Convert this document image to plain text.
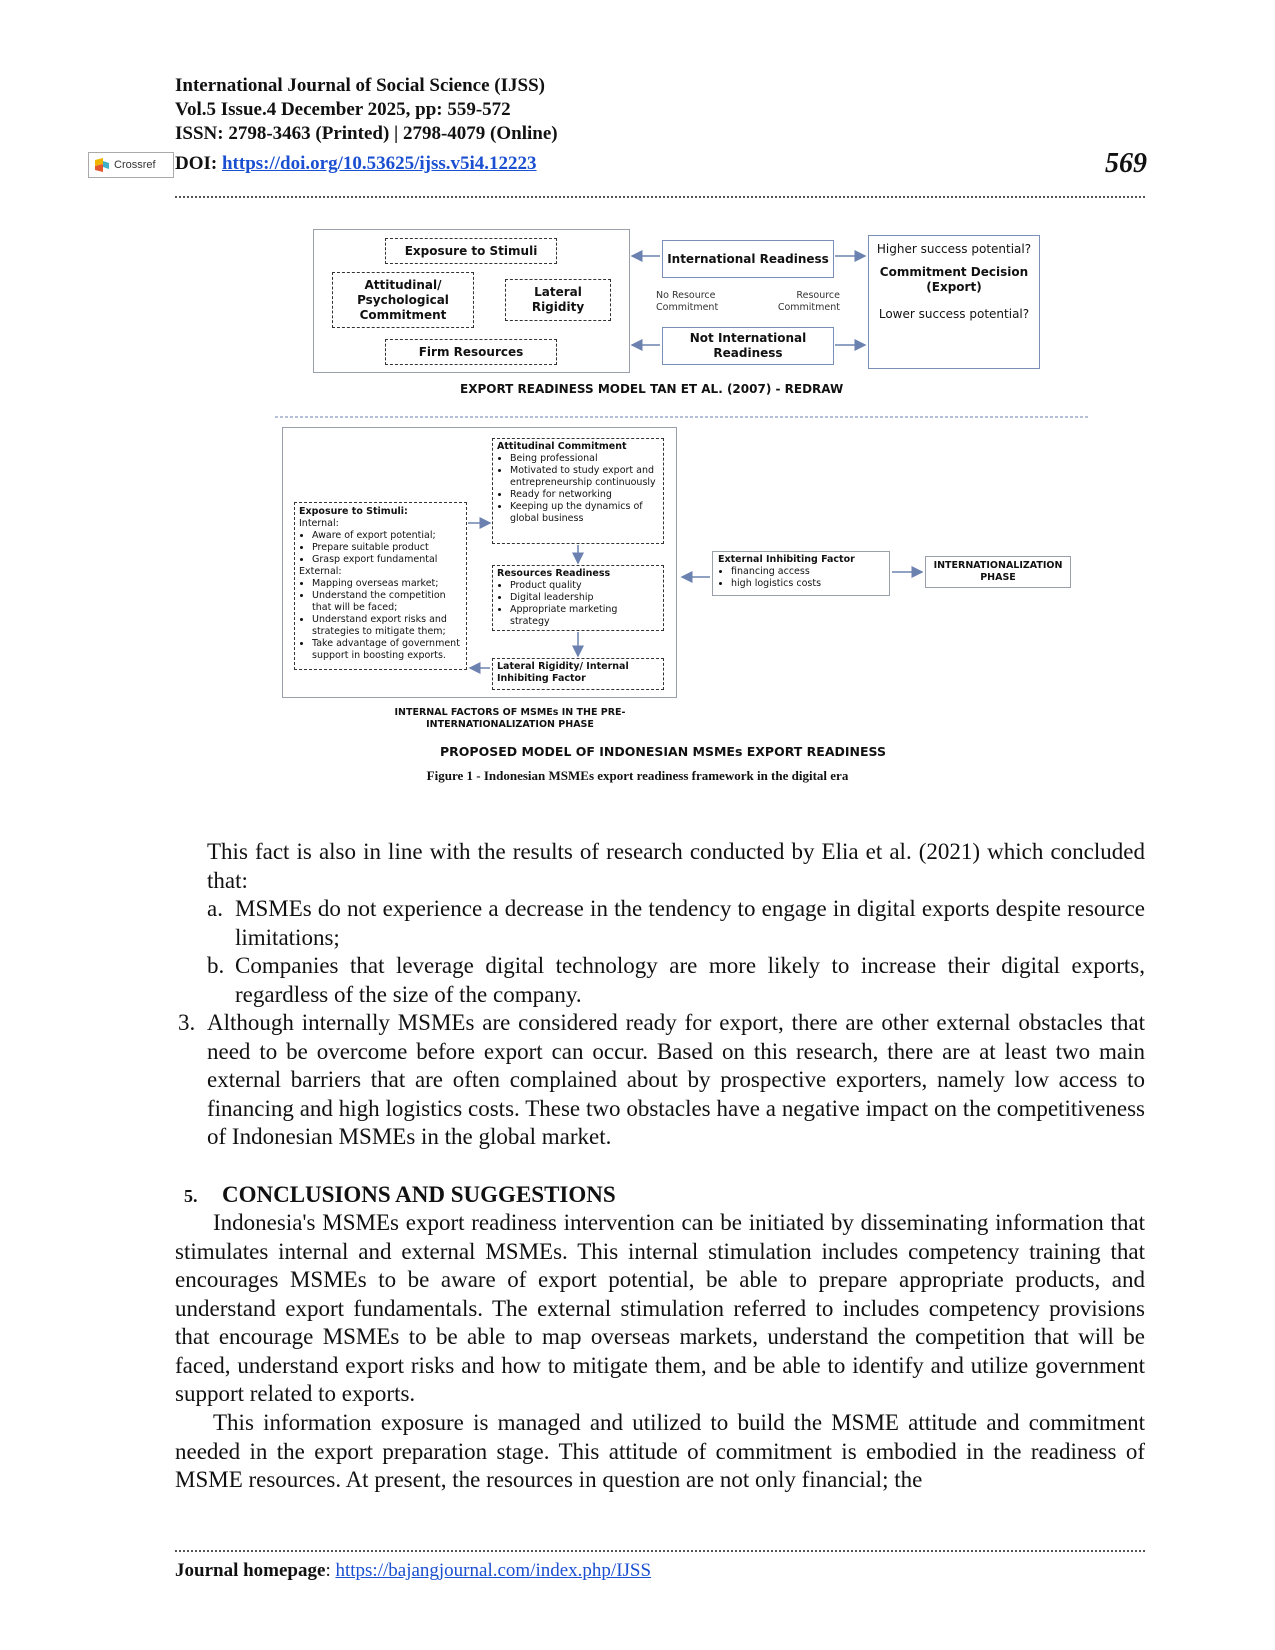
International Journal of Social Science (IJSS)
Vol.5 Issue.4 December 2025, pp: 559-572
ISSN: 2798-3463 (Printed) | 2798-4079 (Online)
Crossref DOI: https://doi.org/10.53625/ijss.v5i4.12223	569
Exposure to Stimuli
Attitudinal/ Psychological Commitment
Lateral Rigidity
Firm Resources
International Readiness
No Resource Commitment
Resource Commitment
Not International Readiness
Higher success potential?
Commitment Decision (Export)
Lower success potential?
EXPORT READINESS MODEL TAN ET AL. (2007) - REDRAW
Exposure to Stimuli:
Internal:
• Aware of export potential;
• Prepare suitable product
• Grasp export fundamental
External:
• Mapping overseas market;
• Understand the competition that will be faced;
• Understand export risks and strategies to mitigate them;
• Take advantage of government support in boosting exports.
Attitudinal Commitment
• Being professional
• Motivated to study export and entrepreneurship continuously
• Ready for networking
• Keeping up the dynamics of global business
Resources Readiness
• Product quality
• Digital leadership
• Appropriate marketing strategy
Lateral Rigidity/ Internal Inhibiting Factor
External Inhibiting Factor
• financing access
• high logistics costs
INTERNATIONALIZATION PHASE
INTERNAL FACTORS OF MSMEs IN THE PRE-INTERNATIONALIZATION PHASE
PROPOSED MODEL OF INDONESIAN MSMEs EXPORT READINESS
Figure 1 - Indonesian MSMEs export readiness framework in the digital era
This fact is also in line with the results of research conducted by Elia et al. (2021) which concluded that:
a. MSMEs do not experience a decrease in the tendency to engage in digital exports despite resource limitations;
b. Companies that leverage digital technology are more likely to increase their digital exports, regardless of the size of the company.
3. Although internally MSMEs are considered ready for export, there are other external obstacles that need to be overcome before export can occur. Based on this research, there are at least two main external barriers that are often complained about by prospective exporters, namely low access to financing and high logistics costs. These two obstacles have a negative impact on the competitiveness of Indonesian MSMEs in the global market.
5. CONCLUSIONS AND SUGGESTIONS
Indonesia's MSMEs export readiness intervention can be initiated by disseminating information that stimulates internal and external MSMEs. This internal stimulation includes competency training that encourages MSMEs to be aware of export potential, be able to prepare appropriate products, and understand export fundamentals. The external stimulation referred to includes competency provisions that encourage MSMEs to be able to map overseas markets, understand the competition that will be faced, understand export risks and how to mitigate them, and be able to identify and utilize government support related to exports.
This information exposure is managed and utilized to build the MSME attitude and commitment needed in the export preparation stage. This attitude of commitment is embodied in the readiness of MSME resources. At present, the resources in question are not only financial; the
Journal homepage: https://bajangjournal.com/index.php/IJSS
